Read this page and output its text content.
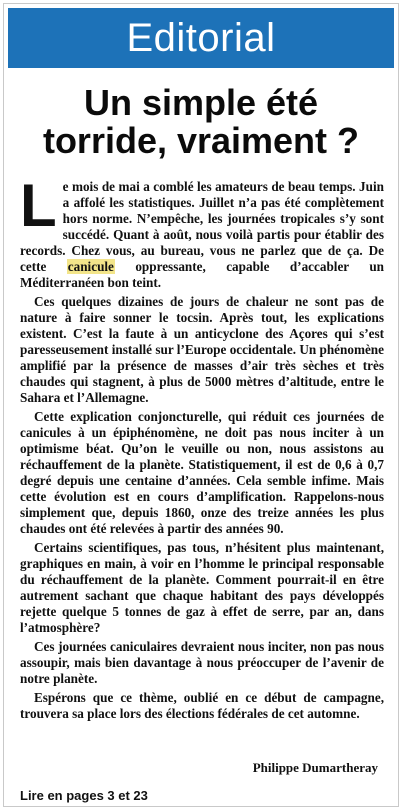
Editorial
Un simple été
torride, vraiment ?

Le mois de mai a comblé les amateurs de beau temps. Juin a affolé les statistiques. Juillet n’a pas été complètement hors norme. N’empêche, les journées tropicales s’y sont succédé. Quant à août, nous voilà partis pour établir des records. Chez vous, au bureau, vous ne parlez que de ça. De cette canicule oppressante, capable d’accabler un Méditerranéen bon teint.

Ces quelques dizaines de jours de chaleur ne sont pas de nature à faire sonner le tocsin. Après tout, les explications existent. C’est la faute à un anticyclone des Açores qui s’est paresseusement installé sur l’Europe occidentale. Un phénomène amplifié par la présence de masses d’air très sèches et très chaudes qui stagnent, à plus de 5000 mètres d’altitude, entre le Sahara et l’Allemagne.

Cette explication conjoncturelle, qui réduit ces journées de canicules à un épiphénomène, ne doit pas nous inciter à un optimisme béat. Qu’on le veuille ou non, nous assistons au réchauffement de la planète. Statistiquement, il est de 0,6 à 0,7 degré depuis une centaine d’années. Cela semble infime. Mais cette évolution est en cours d’amplification. Rappelons-nous simplement que, depuis 1860, onze des treize années les plus chaudes ont été relevées à partir des années 90.

Certains scientifiques, pas tous, n’hésitent plus maintenant, graphiques en main, à voir en l’homme le principal responsable du réchauffement de la planète. Comment pourrait-il en être autrement sachant que chaque habitant des pays développés rejette quelque 5 tonnes de gaz à effet de serre, par an, dans l’atmosphère?

Ces journées caniculaires devraient nous inciter, non pas nous assoupir, mais bien davantage à nous préoccuper de l’avenir de notre planète.

Espérons que ce thème, oublié en ce début de campagne, trouvera sa place lors des élections fédérales de cet automne.

Philippe Dumartheray
Lire en pages 3 et 23
